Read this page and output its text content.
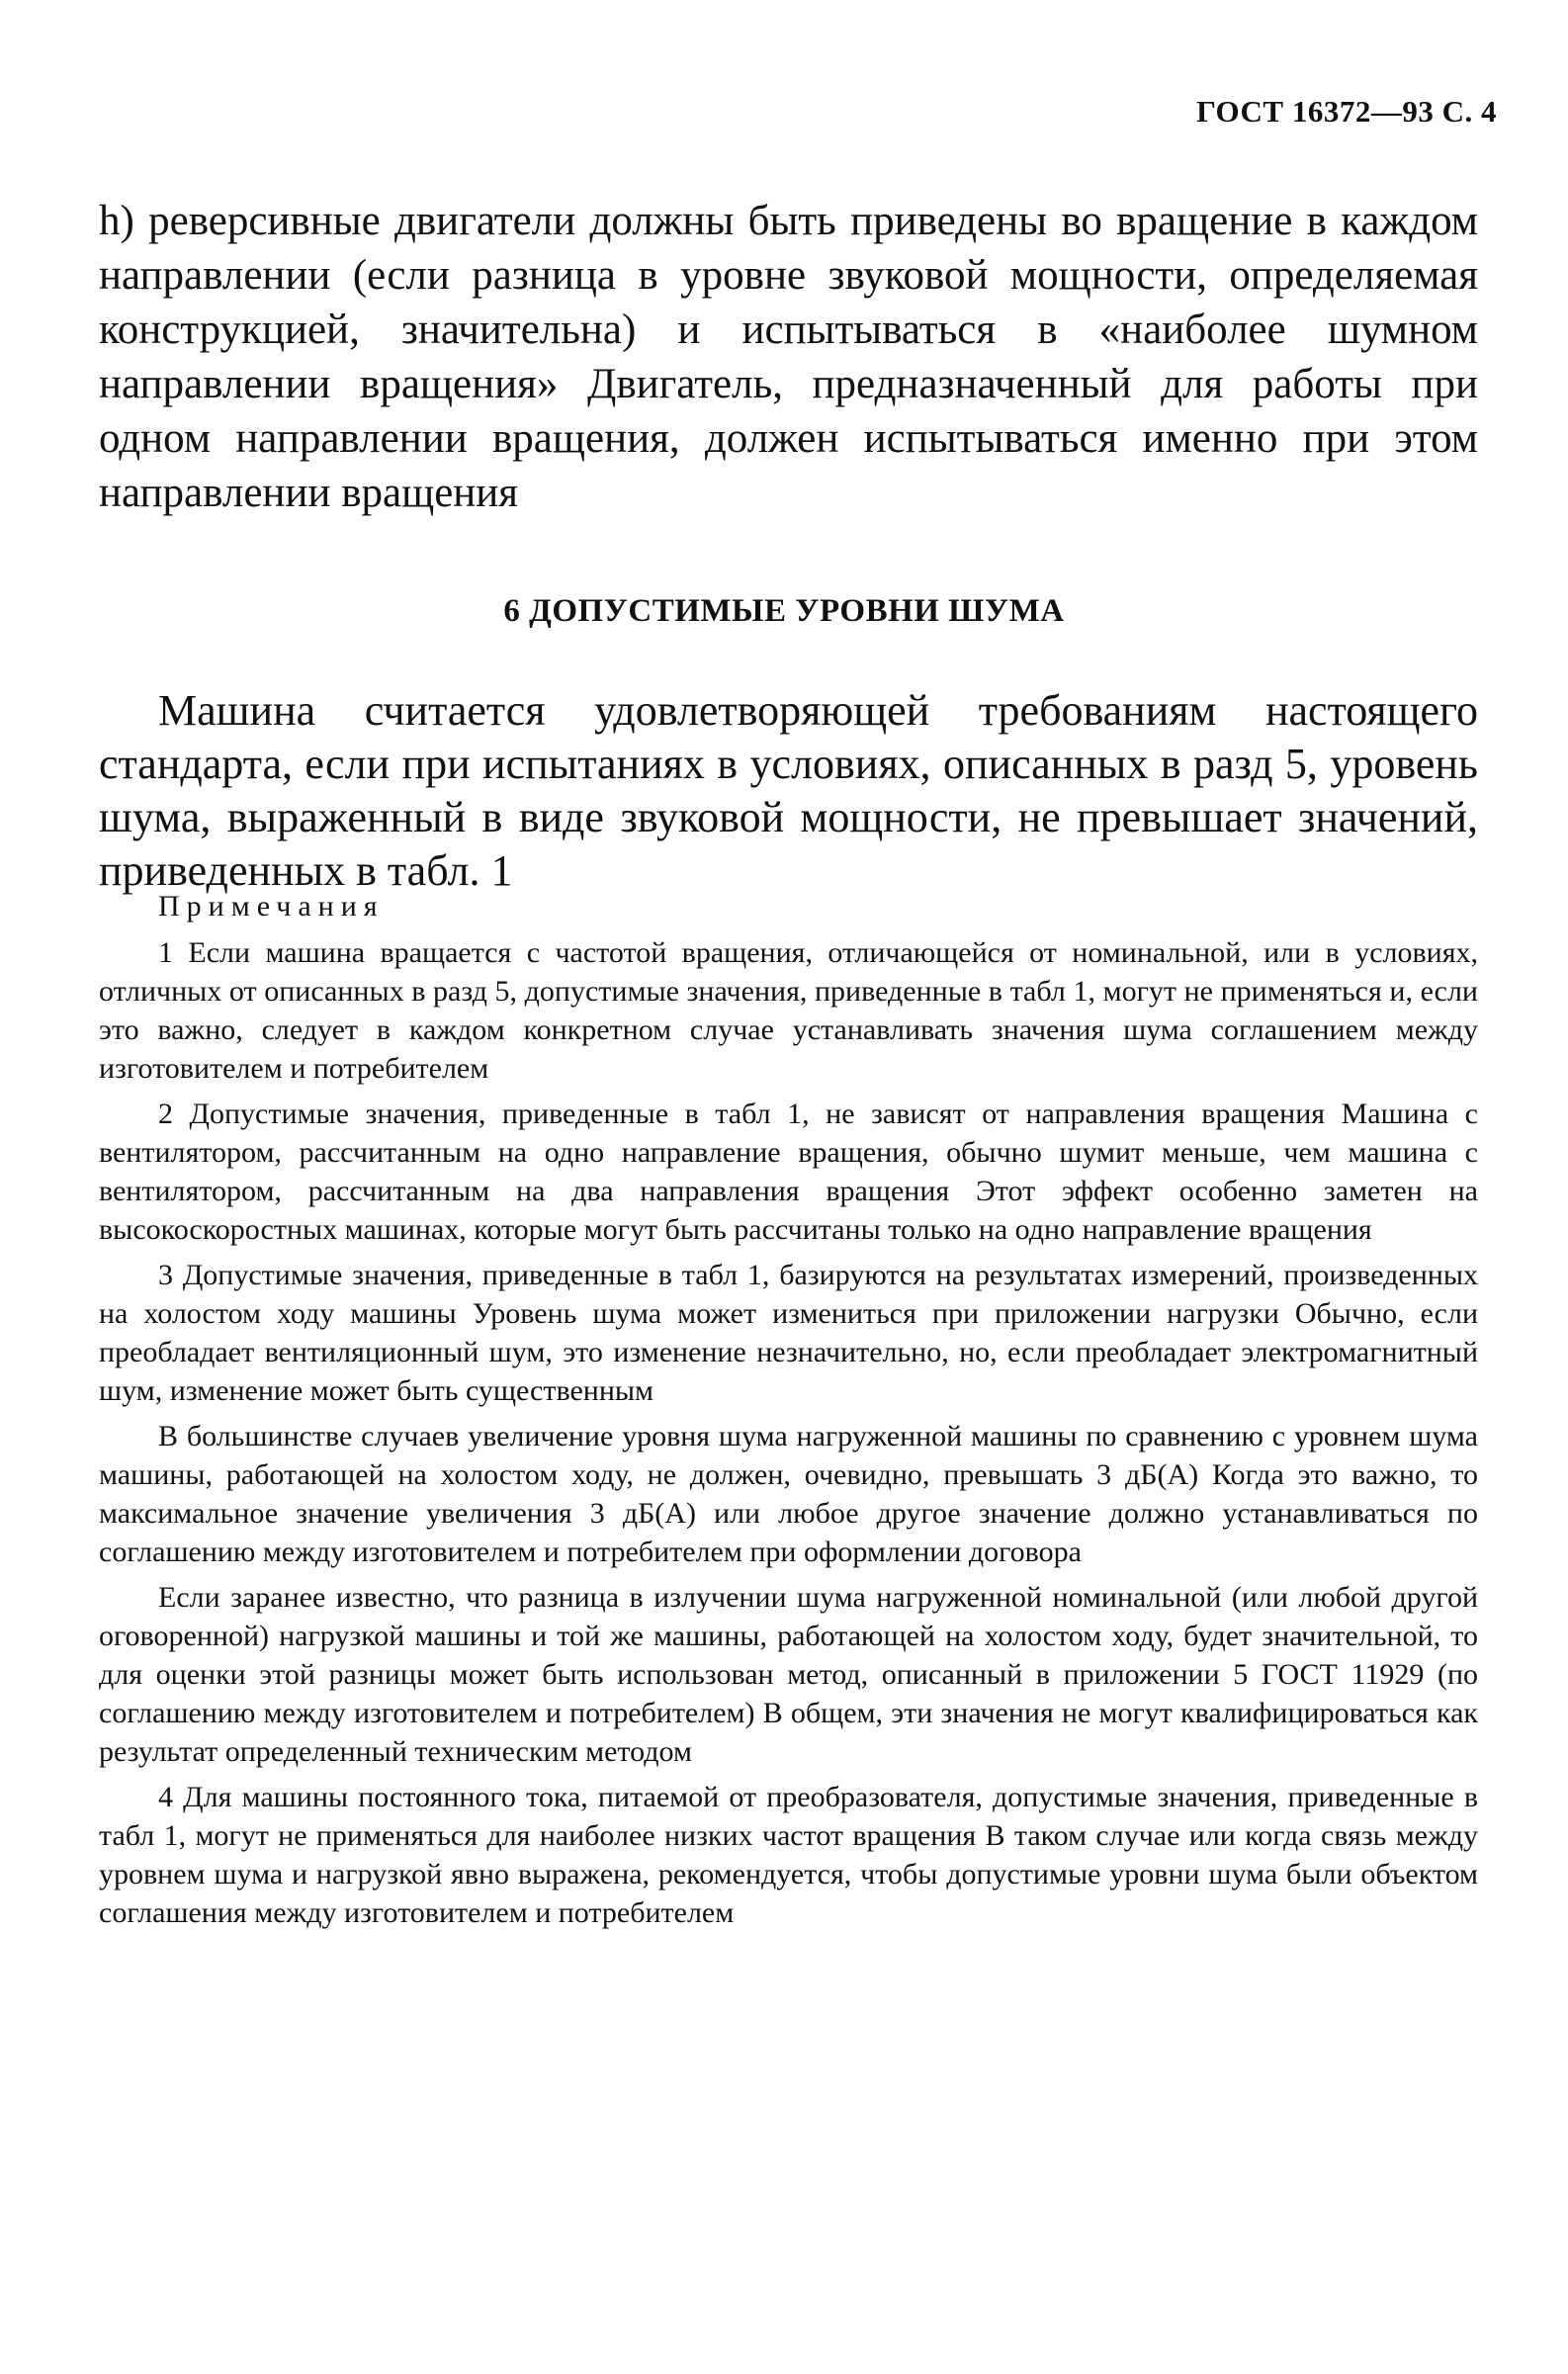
ГОСТ 16372—93 С. 4

h) реверсивные двигатели должны быть приведены во вращение в каждом направлении (если разница в уровне звуковой мощности, определяемая конструкцией, значительна) и испытываться в «наиболее шумном направлении вращения» Двигатель, предназначенный для работы при одном направлении вращения, должен испытываться именно при этом направлении вращения

6 ДОПУСТИМЫЕ УРОВНИ ШУМА

Машина считается удовлетворяющей требованиям настоящего стандарта, если при испытаниях в условиях, описанных в разд 5, уровень шума, выраженный в виде звуковой мощности, не превышает значений, приведенных в табл. 1

Примечания

1 Если машина вращается с частотой вращения, отличающейся от номинальной, или в условиях, отличных от описанных в разд 5, допустимые значения, приведенные в табл 1, могут не применяться и, если это важно, следует в каждом конкретном случае устанавливать значения шума соглашением между изготовителем и потребителем

2 Допустимые значения, приведенные в табл 1, не зависят от направления вращения Машина с вентилятором, рассчитанным на одно направление вращения, обычно шумит меньше, чем машина с вентилятором, рассчитанным на два направления вращения Этот эффект особенно заметен на высокоскоростных машинах, которые могут быть рассчитаны только на одно направление вращения

3 Допустимые значения, приведенные в табл 1, базируются на результатах измерений, произведенных на холостом ходу машины Уровень шума может измениться при приложении нагрузки Обычно, если преобладает вентиляционный шум, это изменение незначительно, но, если преобладает электромагнитный шум, изменение может быть существенным

В большинстве случаев увеличение уровня шума нагруженной машины по сравнению с уровнем шума машины, работающей на холостом ходу, не должен, очевидно, превышать 3 дБ(А) Когда это важно, то максимальное значение увеличения 3 дБ(А) или любое другое значение должно устанавливаться по соглашению между изготовителем и потребителем при оформлении договора

Если заранее известно, что разница в излучении шума нагруженной номинальной (или любой другой оговоренной) нагрузкой машины и той же машины, работающей на холостом ходу, будет значительной, то для оценки этой разницы может быть использован метод, описанный в приложении 5 ГОСТ 11929 (по соглашению между изготовителем и потребителем) В общем, эти значения не могут квалифицироваться как результат определенный техническим методом

4 Для машины постоянного тока, питаемой от преобразователя, допустимые значения, приведенные в табл 1, могут не применяться для наиболее низких частот вращения В таком случае или когда связь между уровнем шума и нагрузкой явно выражена, рекомендуется, чтобы допустимые уровни шума были объектом соглашения между изготовителем и потребителем
